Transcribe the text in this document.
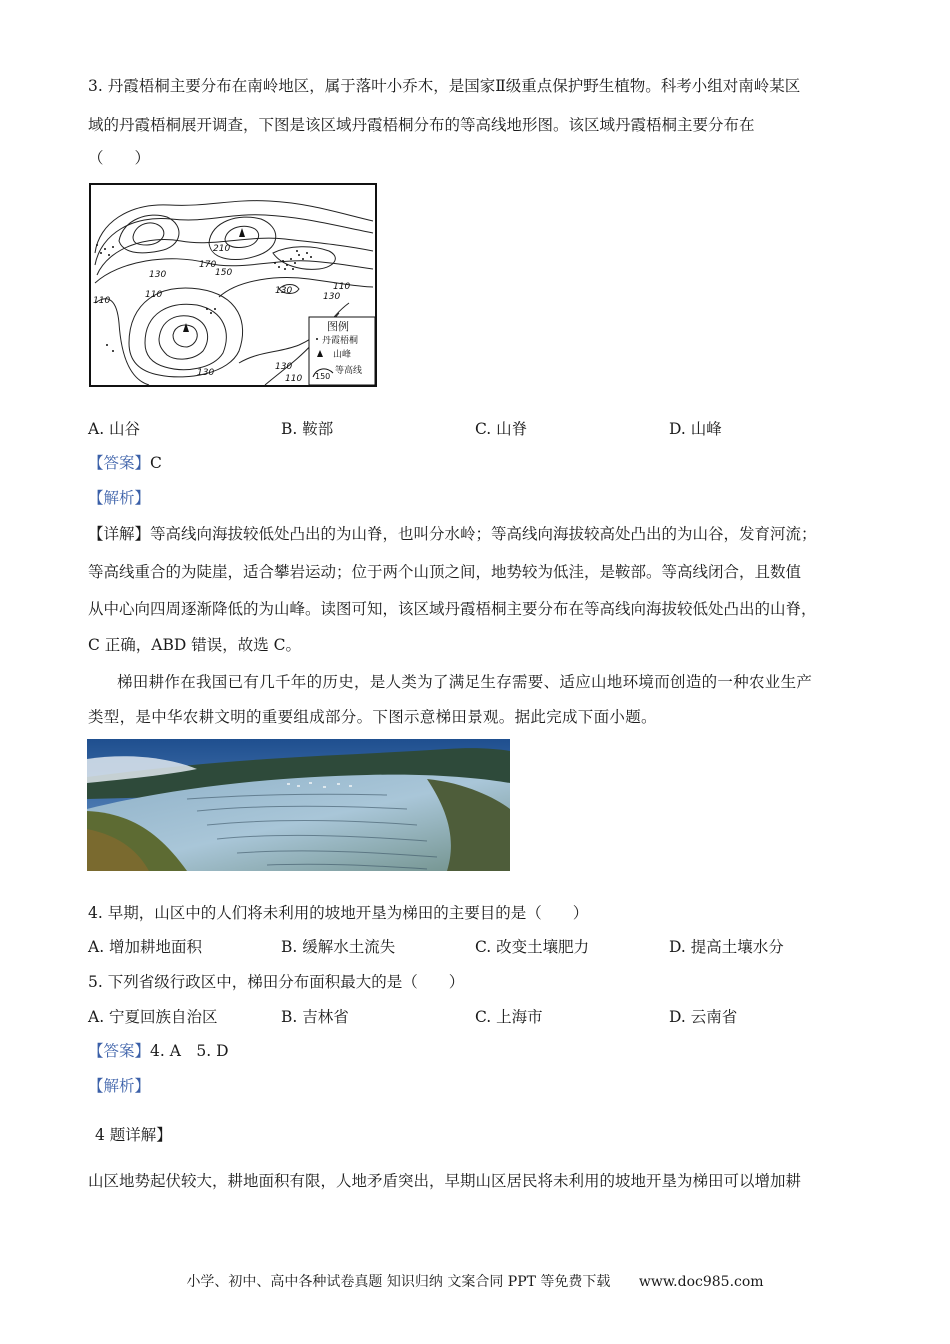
3. 丹霞梧桐主要分布在南岭地区，属于落叶小乔木，是国家Ⅱ级重点保护野生植物。科考小组对南岭某区
域的丹霞梧桐展开调查，下图是该区域丹霞梧桐分布的等高线地形图。该区域丹霞梧桐主要分布在
（　　）
210
170
150
130
130
110
110	130
110
130
130
110
图例
丹霞梧桐
山峰
150
等高线
A. 山谷	B. 鞍部	C. 山脊	D. 山峰
【答案】C
【解析】
【详解】等高线向海拔较低处凸出的为山脊，也叫分水岭；等高线向海拔较高处凸出的为山谷，发育河流；
等高线重合的为陡崖，适合攀岩运动；位于两个山顶之间，地势较为低洼，是鞍部。等高线闭合，且数值
从中心向四周逐渐降低的为山峰。读图可知，该区域丹霞梧桐主要分布在等高线向海拔较低处凸出的山脊，
C 正确，ABD 错误，故选 C。
梯田耕作在我国已有几千年的历史，是人类为了满足生存需要、适应山地环境而创造的一种农业生产
类型，是中华农耕文明的重要组成部分。下图示意梯田景观。据此完成下面小题。
4. 早期，山区中的人们将未利用的坡地开垦为梯田的主要目的是（　　）
A. 增加耕地面积	B. 缓解水土流失	C. 改变土壤肥力	D. 提高土壤水分
5. 下列省级行政区中，梯田分布面积最大的是（　　）
A. 宁夏回族自治区	B. 吉林省	C. 上海市	D. 云南省
【答案】4. A　5. D
【解析】
4 题详解】
山区地势起伏较大，耕地面积有限，人地矛盾突出，早期山区居民将未利用的坡地开垦为梯田可以增加耕
小学、初中、高中各种试卷真题 知识归纳 文案合同 PPT 等免费下载 www.doc985.com
